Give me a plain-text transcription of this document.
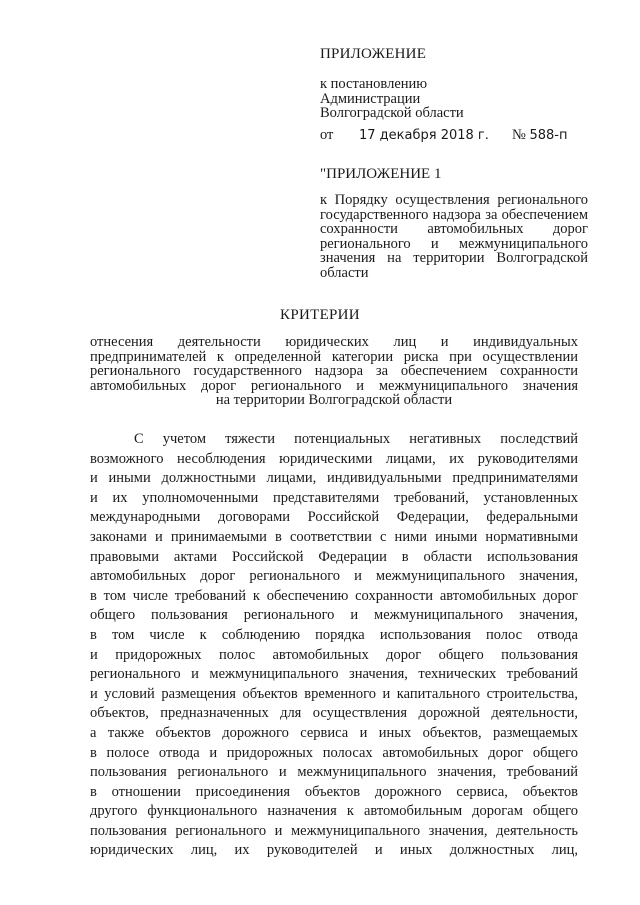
ПРИЛОЖЕНИЕ
к постановлению
Администрации
Волгоградской области
от 17 декабря 2018 г. № 588-п
"ПРИЛОЖЕНИЕ 1
к Порядку осуществления регионального
государственного надзора за обеспечением
сохранности автомобильных дорог
регионального и межмуниципального
значения на территории Волгоградской
области
КРИТЕРИИ
отнесения деятельности юридических лиц и индивидуальных
предпринимателей к определенной категории риска при осуществлении
регионального государственного надзора за обеспечением сохранности
автомобильных дорог регионального и межмуниципального значения
на территории Волгоградской области
С учетом тяжести потенциальных негативных последствий
возможного несоблюдения юридическими лицами, их руководителями
и иными должностными лицами, индивидуальными предпринимателями
и их уполномоченными представителями требований, установленных
международными договорами Российской Федерации, федеральными
законами и принимаемыми в соответствии с ними иными нормативными
правовыми актами Российской Федерации в области использования
автомобильных дорог регионального и межмуниципального значения,
в том числе требований к обеспечению сохранности автомобильных дорог
общего пользования регионального и межмуниципального значения,
в том числе к соблюдению порядка использования полос отвода
и придорожных полос автомобильных дорог общего пользования
регионального и межмуниципального значения, технических требований
и условий размещения объектов временного и капитального строительства,
объектов, предназначенных для осуществления дорожной деятельности,
а также объектов дорожного сервиса и иных объектов, размещаемых
в полосе отвода и придорожных полосах автомобильных дорог общего
пользования регионального и межмуниципального значения, требований
в отношении присоединения объектов дорожного сервиса, объектов
другого функционального назначения к автомобильным дорогам общего
пользования регионального и межмуниципального значения, деятельность
юридических лиц, их руководителей и иных должностных лиц,
